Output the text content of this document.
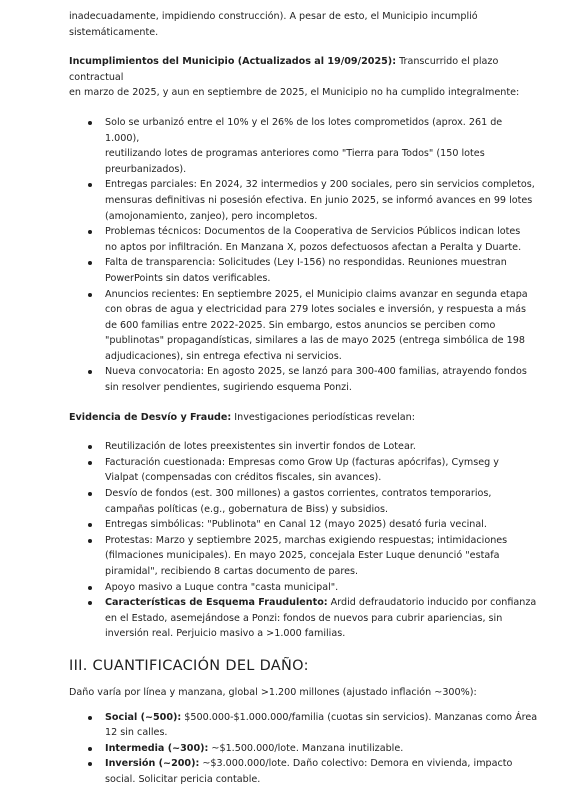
inadecuadamente, impidiendo construcción). A pesar de esto, el Municipio incumplió
sistemáticamente.

Incumplimientos del Municipio (Actualizados al 19/09/2025): Transcurrido el plazo contractual
en marzo de 2025, y aun en septiembre de 2025, el Municipio no ha cumplido integralmente:

Solo se urbanizó entre el 10% y el 26% de los lotes comprometidos (aprox. 261 de 1.000),
reutilizando lotes de programas anteriores como "Tierra para Todos" (150 lotes
preurbanizados).
Entregas parciales: En 2024, 32 intermedios y 200 sociales, pero sin servicios completos,
mensuras definitivas ni posesión efectiva. En junio 2025, se informó avances en 99 lotes
(amojonamiento, zanjeo), pero incompletos.
Problemas técnicos: Documentos de la Cooperativa de Servicios Públicos indican lotes
no aptos por infiltración. En Manzana X, pozos defectuosos afectan a Peralta y Duarte.
Falta de transparencia: Solicitudes (Ley I-156) no respondidas. Reuniones muestran
PowerPoints sin datos verificables.
Anuncios recientes: En septiembre 2025, el Municipio claims avanzar en segunda etapa
con obras de agua y electricidad para 279 lotes sociales e inversión, y respuesta a más
de 600 familias entre 2022-2025. Sin embargo, estos anuncios se perciben como
"publinotas" propagandísticas, similares a las de mayo 2025 (entrega simbólica de 198
adjudicaciones), sin entrega efectiva ni servicios.
Nueva convocatoria: En agosto 2025, se lanzó para 300-400 familias, atrayendo fondos
sin resolver pendientes, sugiriendo esquema Ponzi.

Evidencia de Desvío y Fraude: Investigaciones periodísticas revelan:

Reutilización de lotes preexistentes sin invertir fondos de Lotear.
Facturación cuestionada: Empresas como Grow Up (facturas apócrifas), Cymseg y
Vialpat (compensadas con créditos fiscales, sin avances).
Desvío de fondos (est. 300 millones) a gastos corrientes, contratos temporarios,
campañas políticas (e.g., gobernatura de Biss) y subsidios.
Entregas simbólicas: "Publinota" en Canal 12 (mayo 2025) desató furia vecinal.
Protestas: Marzo y septiembre 2025, marchas exigiendo respuestas; intimidaciones
(filmaciones municipales). En mayo 2025, concejala Ester Luque denunció "estafa
piramidal", recibiendo 8 cartas documento de pares.
Apoyo masivo a Luque contra "casta municipal".
Características de Esquema Fraudulento: Ardid defraudatorio inducido por confianza
en el Estado, asemejándose a Ponzi: fondos de nuevos para cubrir apariencias, sin
inversión real. Perjuicio masivo a >1.000 familias.
III. CUANTIFICACIÓN DEL DAÑO:

Daño varía por línea y manzana, global >1.200 millones (ajustado inflación ~300%):

Social (~500): $500.000-$1.000.000/familia (cuotas sin servicios). Manzanas como Área
12 sin calles.
Intermedia (~300): ~$1.500.000/lote. Manzana inutilizable.
Inversión (~200): ~$3.000.000/lote. Daño colectivo: Demora en vivienda, impacto
social. Solicitar pericia contable.
